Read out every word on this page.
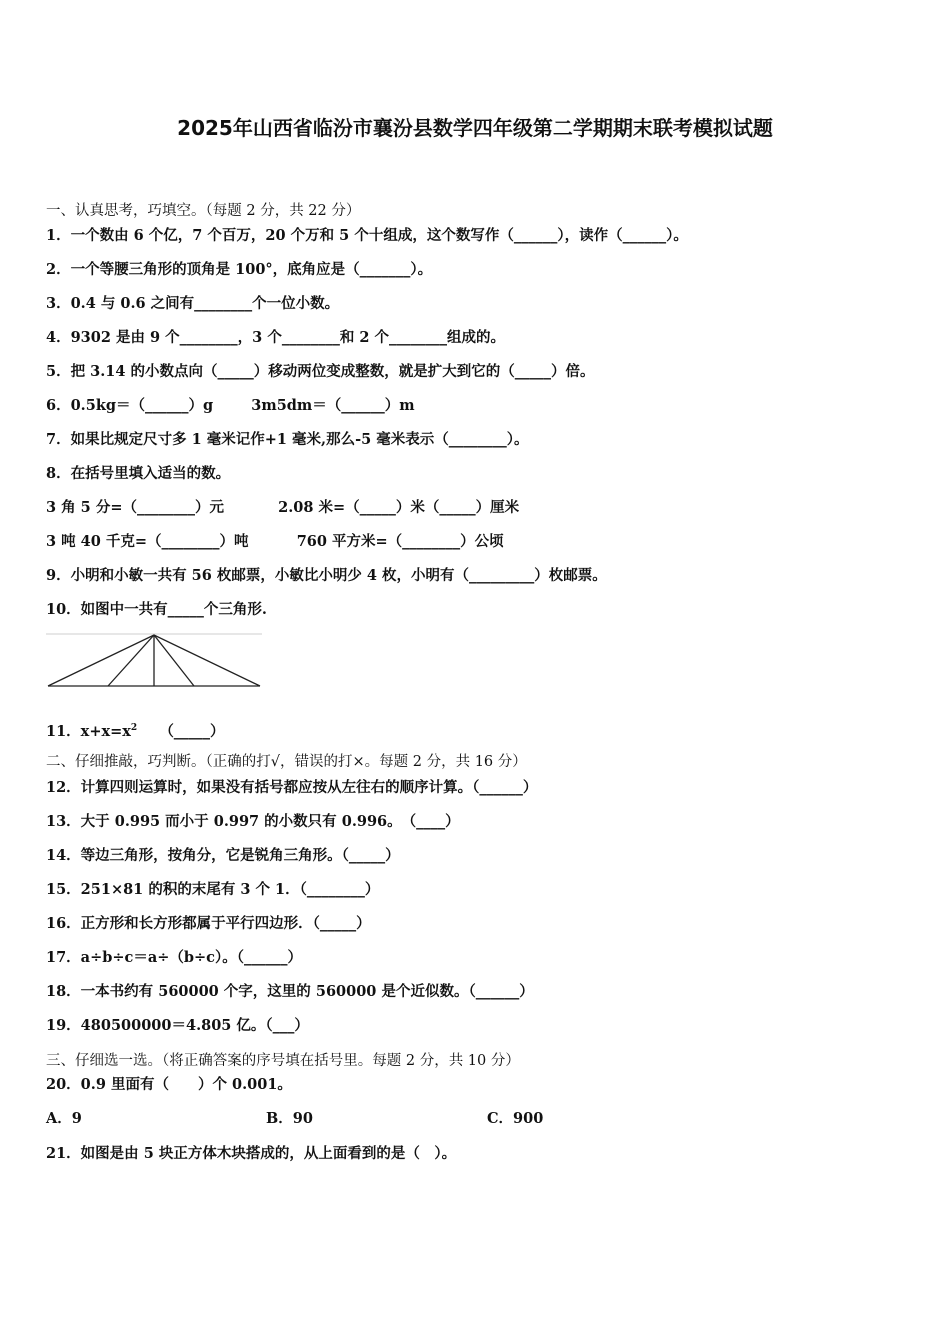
2025年山西省临汾市襄汾县数学四年级第二学期期末联考模拟试题
一、认真思考，巧填空。（每题 2 分，共 22 分）
1．一个数由 6 个亿，7 个百万，20 个万和 5 个十组成，这个数写作（______），读作（______）。
2．一个等腰三角形的顶角是 100°，底角应是（_______）。
3．0.4 与 0.6 之间有________个一位小数。
4．9302 是由 9 个________，3 个________和 2 个________组成的。
5．把 3.14 的小数点向（_____）移动两位变成整数，就是扩大到它的（_____）倍。
6．0.5kg＝（______）g	3m5dm＝（______）m
7．如果比规定尺寸多 1 毫米记作+1 毫米,那么-5 毫米表示（________）。
8．在括号里填入适当的数。
3 角 5 分=（________）元	2.08 米=（_____）米（_____）厘米
3 吨 40 千克=（________）吨	760 平方米=（________）公顷
9．小明和小敏一共有 56 枚邮票，小敏比小明少 4 枚，小明有（_________）枚邮票。
10．如图中一共有_____个三角形.
11．$x+x=x^2$ （_____）
二、仔细推敲，巧判断。（正确的打√，错误的打×。每题 2 分，共 16 分）
12．计算四则运算时，如果没有括号都应按从左往右的顺序计算。（______）
13．大于 0.995 而小于 0.997 的小数只有 0.996。　（____）
14．等边三角形，按角分，它是锐角三角形。（_____）
15．251×81 的积的末尾有 3 个 1．（________）
16．正方形和长方形都属于平行四边形．（_____）
17．a÷b÷c＝a÷（b÷c）。（______）
18．一本书约有 560000 个字，这里的 560000 是个近似数。（______）
19．480500000＝4.805 亿。（___）
三、仔细选一选。（将正确答案的序号填在括号里。每题 2 分，共 10 分）
20．0.9 里面有（　　）个 0.001。
A．9	B．90	C．900
21．如图是由 5 块正方体木块搭成的，从上面看到的是（　）。
